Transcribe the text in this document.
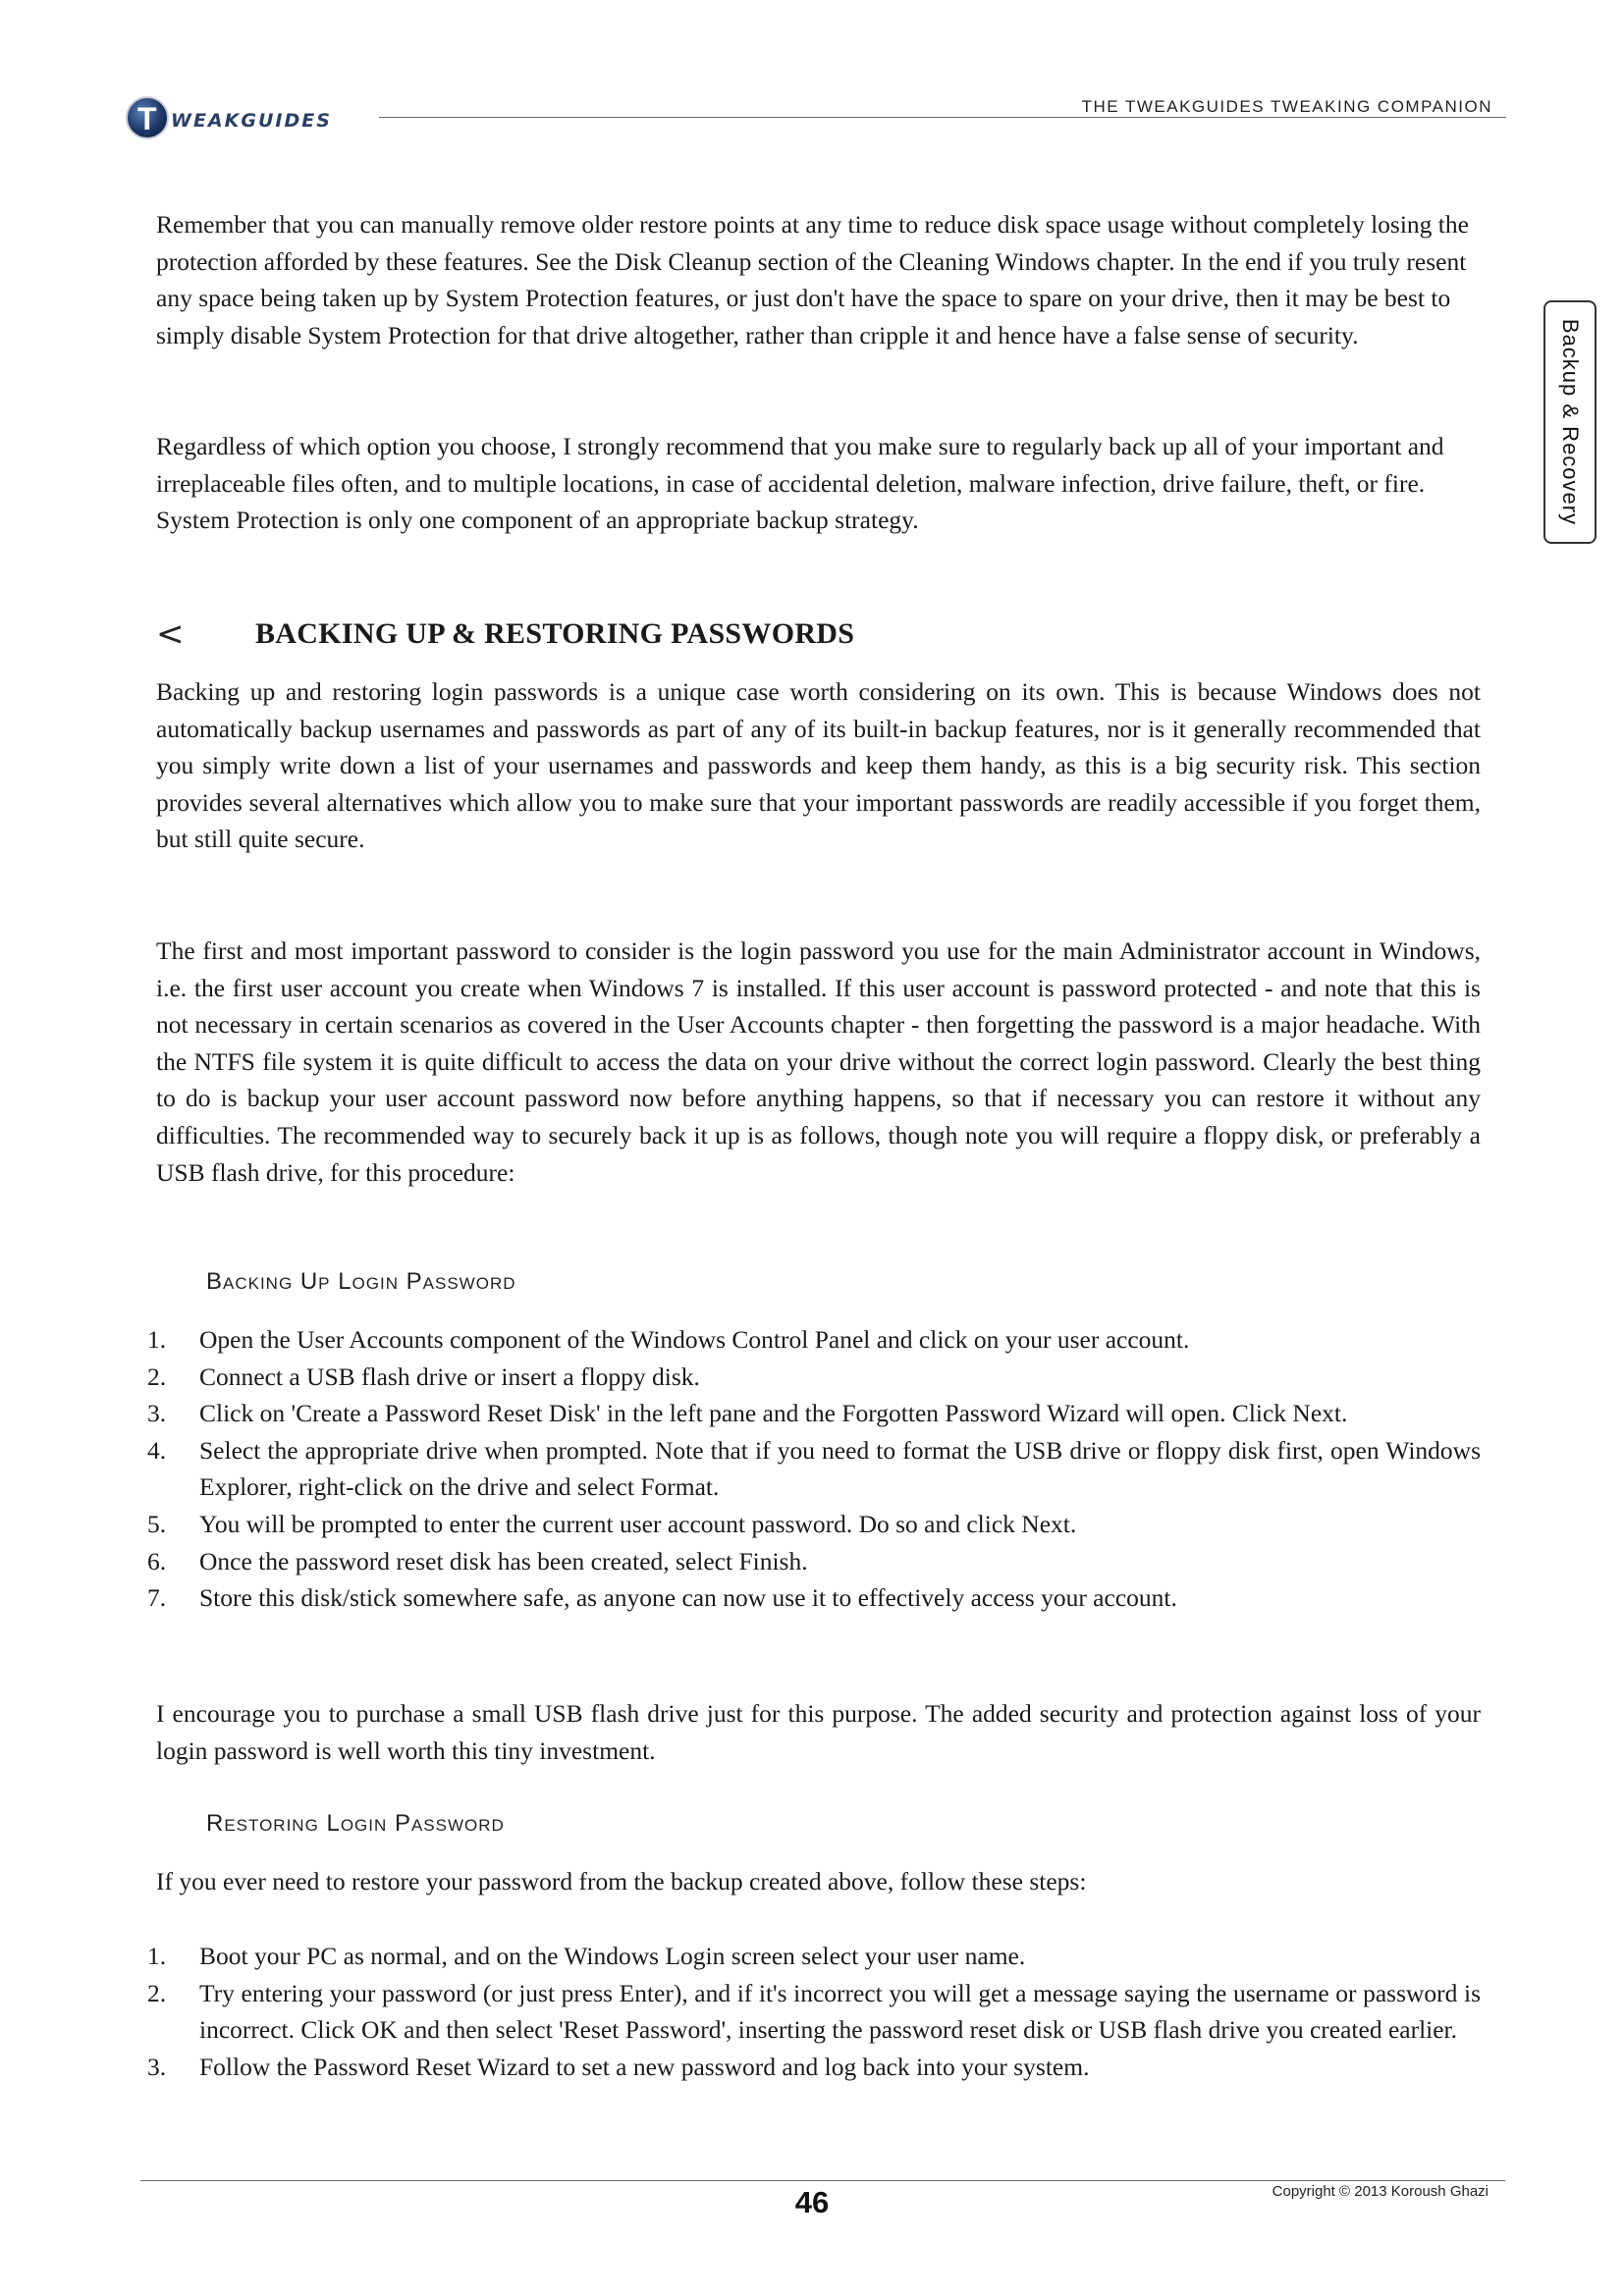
T WEAKGUIDES
THE TWEAKGUIDES TWEAKING COMPANION
Backup & Recovery

Remember that you can manually remove older restore points at any time to reduce disk space usage without completely losing the protection afforded by these features. See the Disk Cleanup section of the Cleaning Windows chapter. In the end if you truly resent any space being taken up by System Protection features, or just don't have the space to spare on your drive, then it may be best to simply disable System Protection for that drive altogether, rather than cripple it and hence have a false sense of security.

Regardless of which option you choose, I strongly recommend that you make sure to regularly back up all of your important and irreplaceable files often, and to multiple locations, in case of accidental deletion, malware infection, drive failure, theft, or fire. System Protection is only one component of an appropriate backup strategy.

< BACKING UP & RESTORING PASSWORDS

Backing up and restoring login passwords is a unique case worth considering on its own. This is because Windows does not automatically backup usernames and passwords as part of any of its built-in backup features, nor is it generally recommended that you simply write down a list of your usernames and passwords and keep them handy, as this is a big security risk. This section provides several alternatives which allow you to make sure that your important passwords are readily accessible if you forget them, but still quite secure.

The first and most important password to consider is the login password you use for the main Administrator account in Windows, i.e. the first user account you create when Windows 7 is installed. If this user account is password protected - and note that this is not necessary in certain scenarios as covered in the User Accounts chapter - then forgetting the password is a major headache. With the NTFS file system it is quite difficult to access the data on your drive without the correct login password. Clearly the best thing to do is backup your user account password now before anything happens, so that if necessary you can restore it without any difficulties. The recommended way to securely back it up is as follows, though note you will require a floppy disk, or preferably a USB flash drive, for this procedure:

Backing Up Login Password
1. Open the User Accounts component of the Windows Control Panel and click on your user account.
2. Connect a USB flash drive or insert a floppy disk.
3. Click on 'Create a Password Reset Disk' in the left pane and the Forgotten Password Wizard will open. Click Next.
4. Select the appropriate drive when prompted. Note that if you need to format the USB drive or floppy disk first, open Windows Explorer, right-click on the drive and select Format.
5. You will be prompted to enter the current user account password. Do so and click Next.
6. Once the password reset disk has been created, select Finish.
7. Store this disk/stick somewhere safe, as anyone can now use it to effectively access your account.

I encourage you to purchase a small USB flash drive just for this purpose. The added security and protection against loss of your login password is well worth this tiny investment.

Restoring Login Password

If you ever need to restore your password from the backup created above, follow these steps:

1. Boot your PC as normal, and on the Windows Login screen select your user name.
2. Try entering your password (or just press Enter), and if it's incorrect you will get a message saying the username or password is incorrect. Click OK and then select 'Reset Password', inserting the password reset disk or USB flash drive you created earlier.
3. Follow the Password Reset Wizard to set a new password and log back into your system.
46	Copyright © 2013 Koroush Ghazi
